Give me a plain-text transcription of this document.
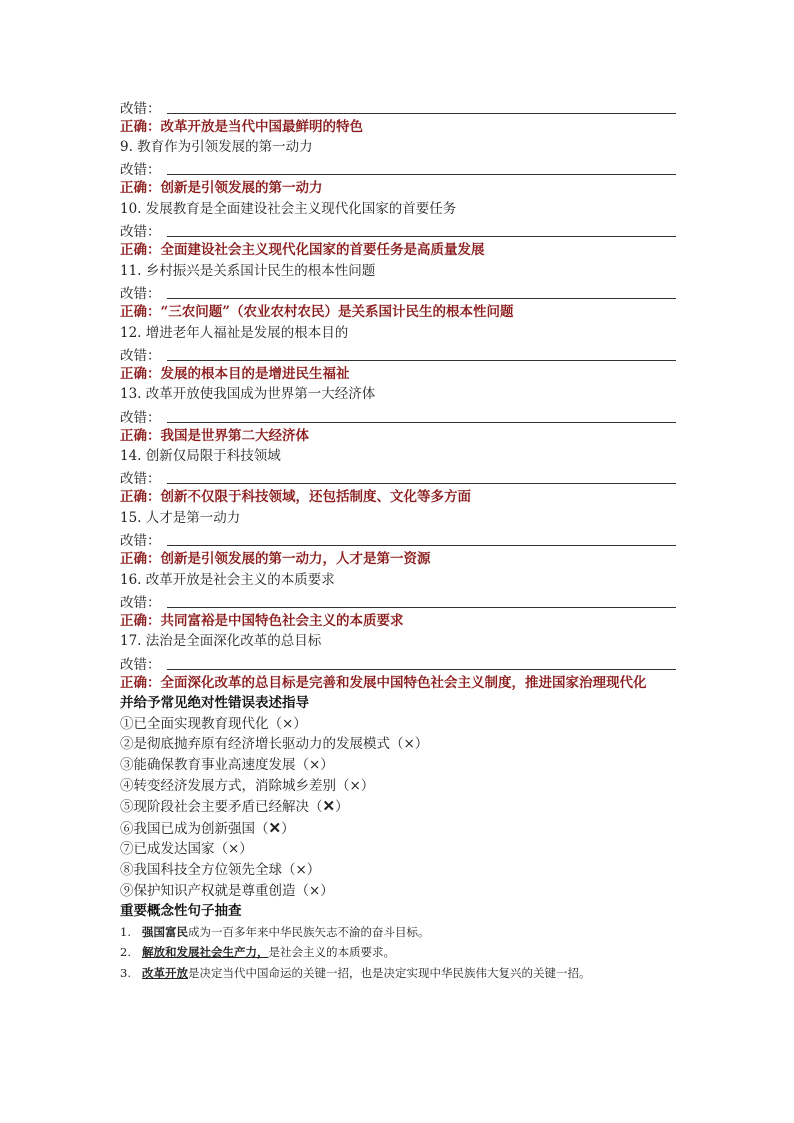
改错：
正确：改革开放是当代中国最鲜明的特色
9. 教育作为引领发展的第一动力
改错：
正确：创新是引领发展的第一动力
10. 发展教育是全面建设社会主义现代化国家的首要任务
改错：
正确：全面建设社会主义现代化国家的首要任务是高质量发展
11. 乡村振兴是关系国计民生的根本性问题
改错：
正确：“三农问题”（农业农村农民）是关系国计民生的根本性问题
12. 增进老年人福祉是发展的根本目的
改错：
正确：发展的根本目的是增进民生福祉
13. 改革开放使我国成为世界第一大经济体
改错：
正确：我国是世界第二大经济体
14. 创新仅局限于科技领域
改错：
正确：创新不仅限于科技领域，还包括制度、文化等多方面
15. 人才是第一动力
改错：
正确：创新是引领发展的第一动力，人才是第一资源
16. 改革开放是社会主义的本质要求
改错：
正确：共同富裕是中国特色社会主义的本质要求
17. 法治是全面深化改革的总目标
改错：
正确：全面深化改革的总目标是完善和发展中国特色社会主义制度，推进国家治理现代化
并给予常见绝对性错误表述指导
①已全面实现教育现代化（×）
②是彻底抛弃原有经济增长驱动力的发展模式（×）
③能确保教育事业高速度发展（×）
④转变经济发展方式，消除城乡差别（×）
⑤现阶段社会主要矛盾已经解决（✕）
⑥我国已成为创新强国（✕）
⑦已成发达国家（×）
⑧我国科技全方位领先全球（×）
⑨保护知识产权就是尊重创造（×）
重要概念性句子抽查
1. 强国富民成为一百多年来中华民族矢志不渝的奋斗目标。
2. 解放和发展社会生产力，是社会主义的本质要求。
3. 改革开放是决定当代中国命运的关键一招，也是决定实现中华民族伟大复兴的关键一招。
